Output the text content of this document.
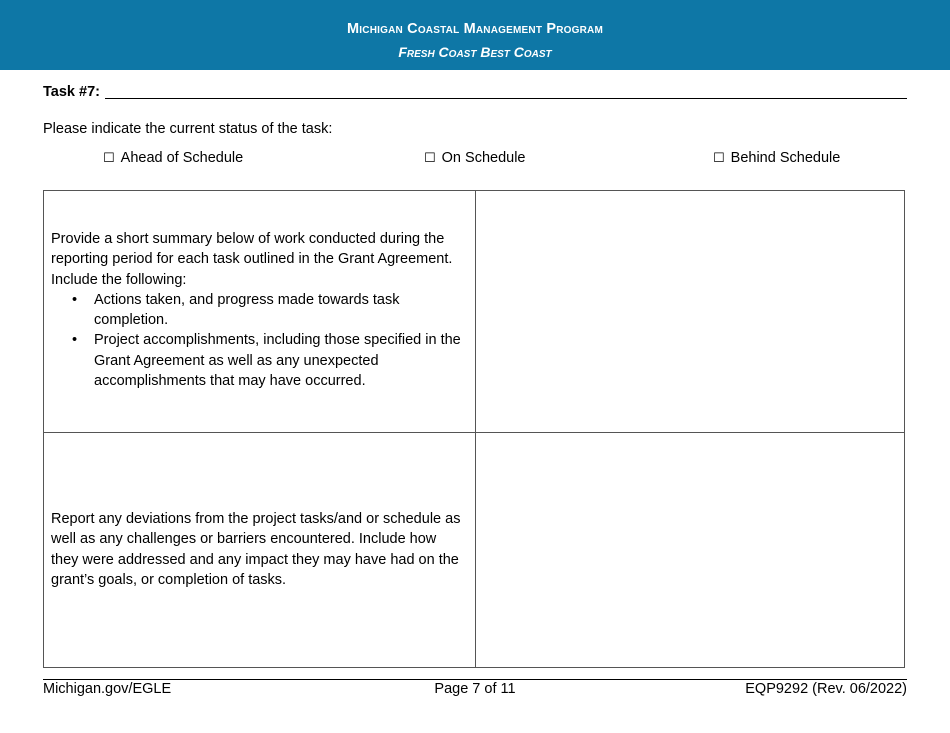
Michigan Coastal Management Program
Fresh Coast Best Coast
Task #7:
Please indicate the current status of the task:
☐ Ahead of Schedule	☐ On Schedule	☐ Behind Schedule
Provide a short summary below of work conducted during the reporting period for each task outlined in the Grant Agreement. Include the following:
• Actions taken, and progress made towards task completion.
• Project accomplishments, including those specified in the Grant Agreement as well as any unexpected accomplishments that may have occurred.
Report any deviations from the project tasks/and or schedule as well as any challenges or barriers encountered. Include how they were addressed and any impact they may have had on the grant’s goals, or completion of tasks.
Michigan.gov/EGLE	Page 7 of 11	EQP9292 (Rev. 06/2022)
